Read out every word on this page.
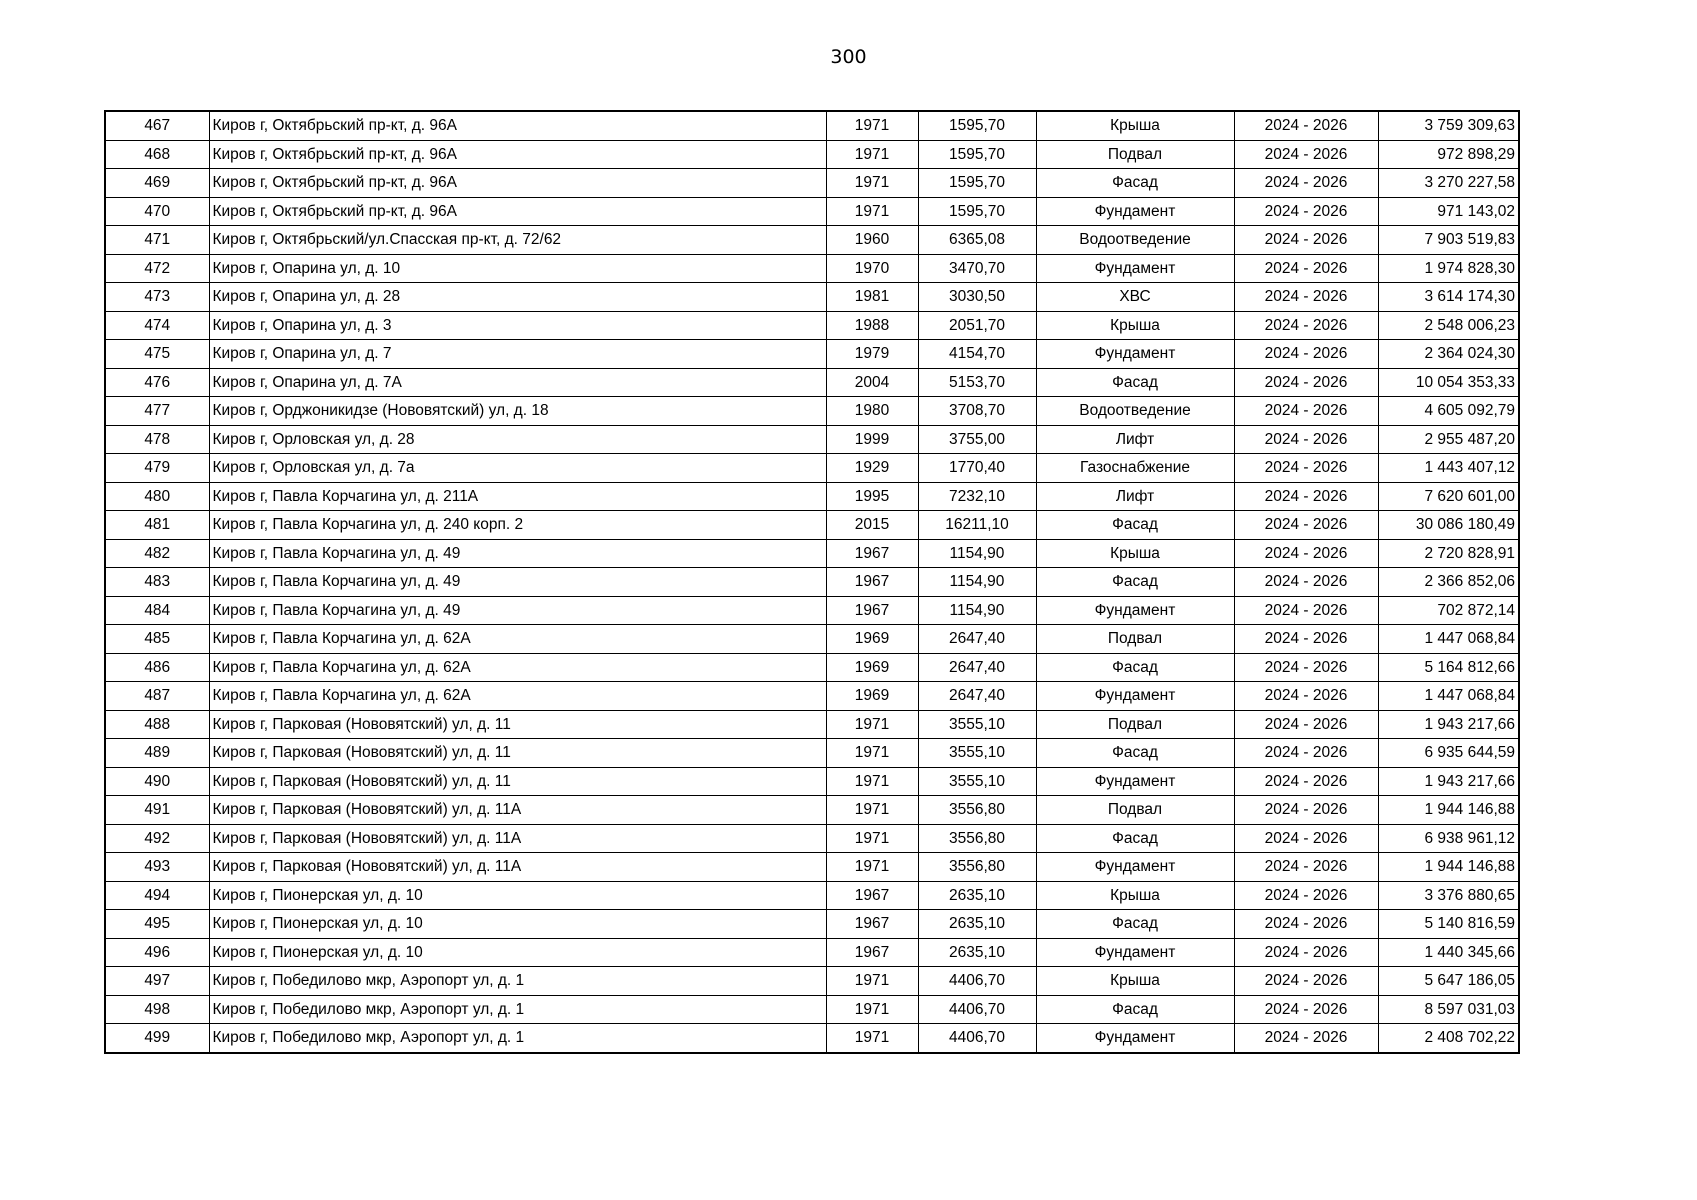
300
467	Киров г, Октябрьский пр-кт, д. 96А	1971	1595,70	Крыша	2024 - 2026	3 759 309,63
468	Киров г, Октябрьский пр-кт, д. 96А	1971	1595,70	Подвал	2024 - 2026	972 898,29
469	Киров г, Октябрьский пр-кт, д. 96А	1971	1595,70	Фасад	2024 - 2026	3 270 227,58
470	Киров г, Октябрьский пр-кт, д. 96А	1971	1595,70	Фундамент	2024 - 2026	971 143,02
471	Киров г, Октябрьский/ул.Спасская пр-кт, д. 72/62	1960	6365,08	Водоотведение	2024 - 2026	7 903 519,83
472	Киров г, Опарина ул, д. 10	1970	3470,70	Фундамент	2024 - 2026	1 974 828,30
473	Киров г, Опарина ул, д. 28	1981	3030,50	ХВС	2024 - 2026	3 614 174,30
474	Киров г, Опарина ул, д. 3	1988	2051,70	Крыша	2024 - 2026	2 548 006,23
475	Киров г, Опарина ул, д. 7	1979	4154,70	Фундамент	2024 - 2026	2 364 024,30
476	Киров г, Опарина ул, д. 7А	2004	5153,70	Фасад	2024 - 2026	10 054 353,33
477	Киров г, Орджоникидзе (Нововятский) ул, д. 18	1980	3708,70	Водоотведение	2024 - 2026	4 605 092,79
478	Киров г, Орловская ул, д. 28	1999	3755,00	Лифт	2024 - 2026	2 955 487,20
479	Киров г, Орловская ул, д. 7а	1929	1770,40	Газоснабжение	2024 - 2026	1 443 407,12
480	Киров г, Павла Корчагина ул, д. 211А	1995	7232,10	Лифт	2024 - 2026	7 620 601,00
481	Киров г, Павла Корчагина ул, д. 240 корп. 2	2015	16211,10	Фасад	2024 - 2026	30 086 180,49
482	Киров г, Павла Корчагина ул, д. 49	1967	1154,90	Крыша	2024 - 2026	2 720 828,91
483	Киров г, Павла Корчагина ул, д. 49	1967	1154,90	Фасад	2024 - 2026	2 366 852,06
484	Киров г, Павла Корчагина ул, д. 49	1967	1154,90	Фундамент	2024 - 2026	702 872,14
485	Киров г, Павла Корчагина ул, д. 62А	1969	2647,40	Подвал	2024 - 2026	1 447 068,84
486	Киров г, Павла Корчагина ул, д. 62А	1969	2647,40	Фасад	2024 - 2026	5 164 812,66
487	Киров г, Павла Корчагина ул, д. 62А	1969	2647,40	Фундамент	2024 - 2026	1 447 068,84
488	Киров г, Парковая (Нововятский) ул, д. 11	1971	3555,10	Подвал	2024 - 2026	1 943 217,66
489	Киров г, Парковая (Нововятский) ул, д. 11	1971	3555,10	Фасад	2024 - 2026	6 935 644,59
490	Киров г, Парковая (Нововятский) ул, д. 11	1971	3555,10	Фундамент	2024 - 2026	1 943 217,66
491	Киров г, Парковая (Нововятский) ул, д. 11А	1971	3556,80	Подвал	2024 - 2026	1 944 146,88
492	Киров г, Парковая (Нововятский) ул, д. 11А	1971	3556,80	Фасад	2024 - 2026	6 938 961,12
493	Киров г, Парковая (Нововятский) ул, д. 11А	1971	3556,80	Фундамент	2024 - 2026	1 944 146,88
494	Киров г, Пионерская ул, д. 10	1967	2635,10	Крыша	2024 - 2026	3 376 880,65
495	Киров г, Пионерская ул, д. 10	1967	2635,10	Фасад	2024 - 2026	5 140 816,59
496	Киров г, Пионерская ул, д. 10	1967	2635,10	Фундамент	2024 - 2026	1 440 345,66
497	Киров г, Победилово мкр, Аэропорт ул, д. 1	1971	4406,70	Крыша	2024 - 2026	5 647 186,05
498	Киров г, Победилово мкр, Аэропорт ул, д. 1	1971	4406,70	Фасад	2024 - 2026	8 597 031,03
499	Киров г, Победилово мкр, Аэропорт ул, д. 1	1971	4406,70	Фундамент	2024 - 2026	2 408 702,22
